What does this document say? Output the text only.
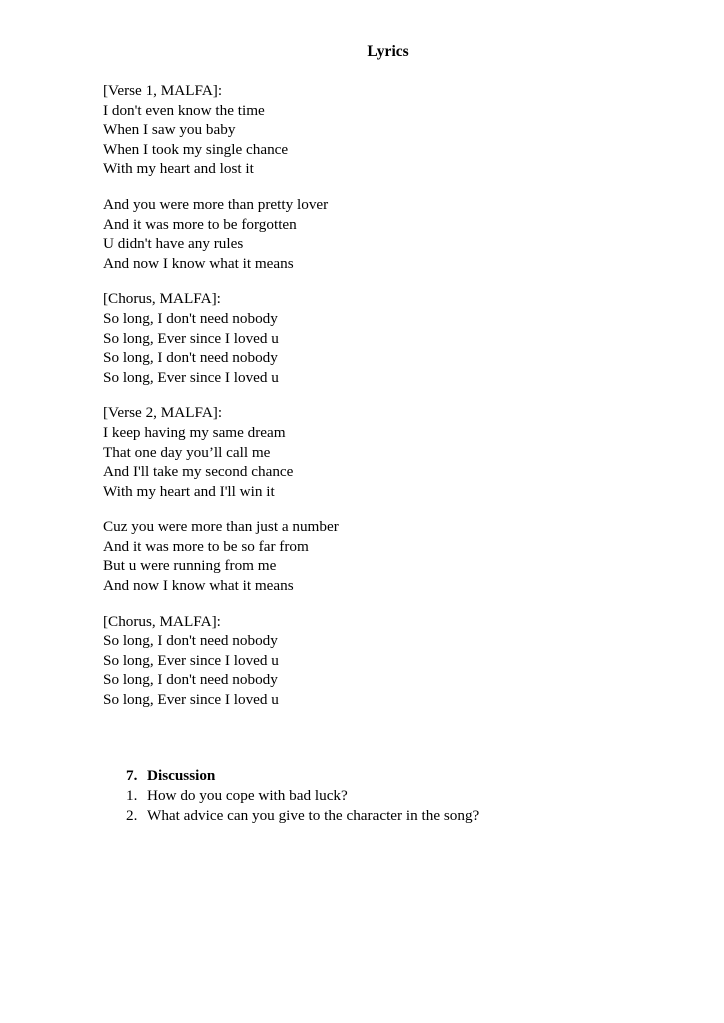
Lyrics
[Verse 1, MALFA]:
I don't even know the time
When I saw you baby
When I took my single chance
With my heart and lost it
And you were more than pretty lover
And it was more to be forgotten
U didn't have any rules
And now I know what it means
[Chorus, MALFA]:
So long, I don't need nobody
So long, Ever since I loved u
So long, I don't need nobody
So long, Ever since I loved u
[Verse 2, MALFA]:
I keep having my same dream
That one day you’ll call me
And I'll take my second chance
With my heart and I'll win it
Cuz you were more than just a number
And it was more to be so far from
But u were running from me
And now I know what it means
[Chorus, MALFA]:
So long, I don't need nobody
So long, Ever since I loved u
So long, I don't need nobody
So long, Ever since I loved u
7. Discussion
1. How do you cope with bad luck?
2. What advice can you give to the character in the song?
